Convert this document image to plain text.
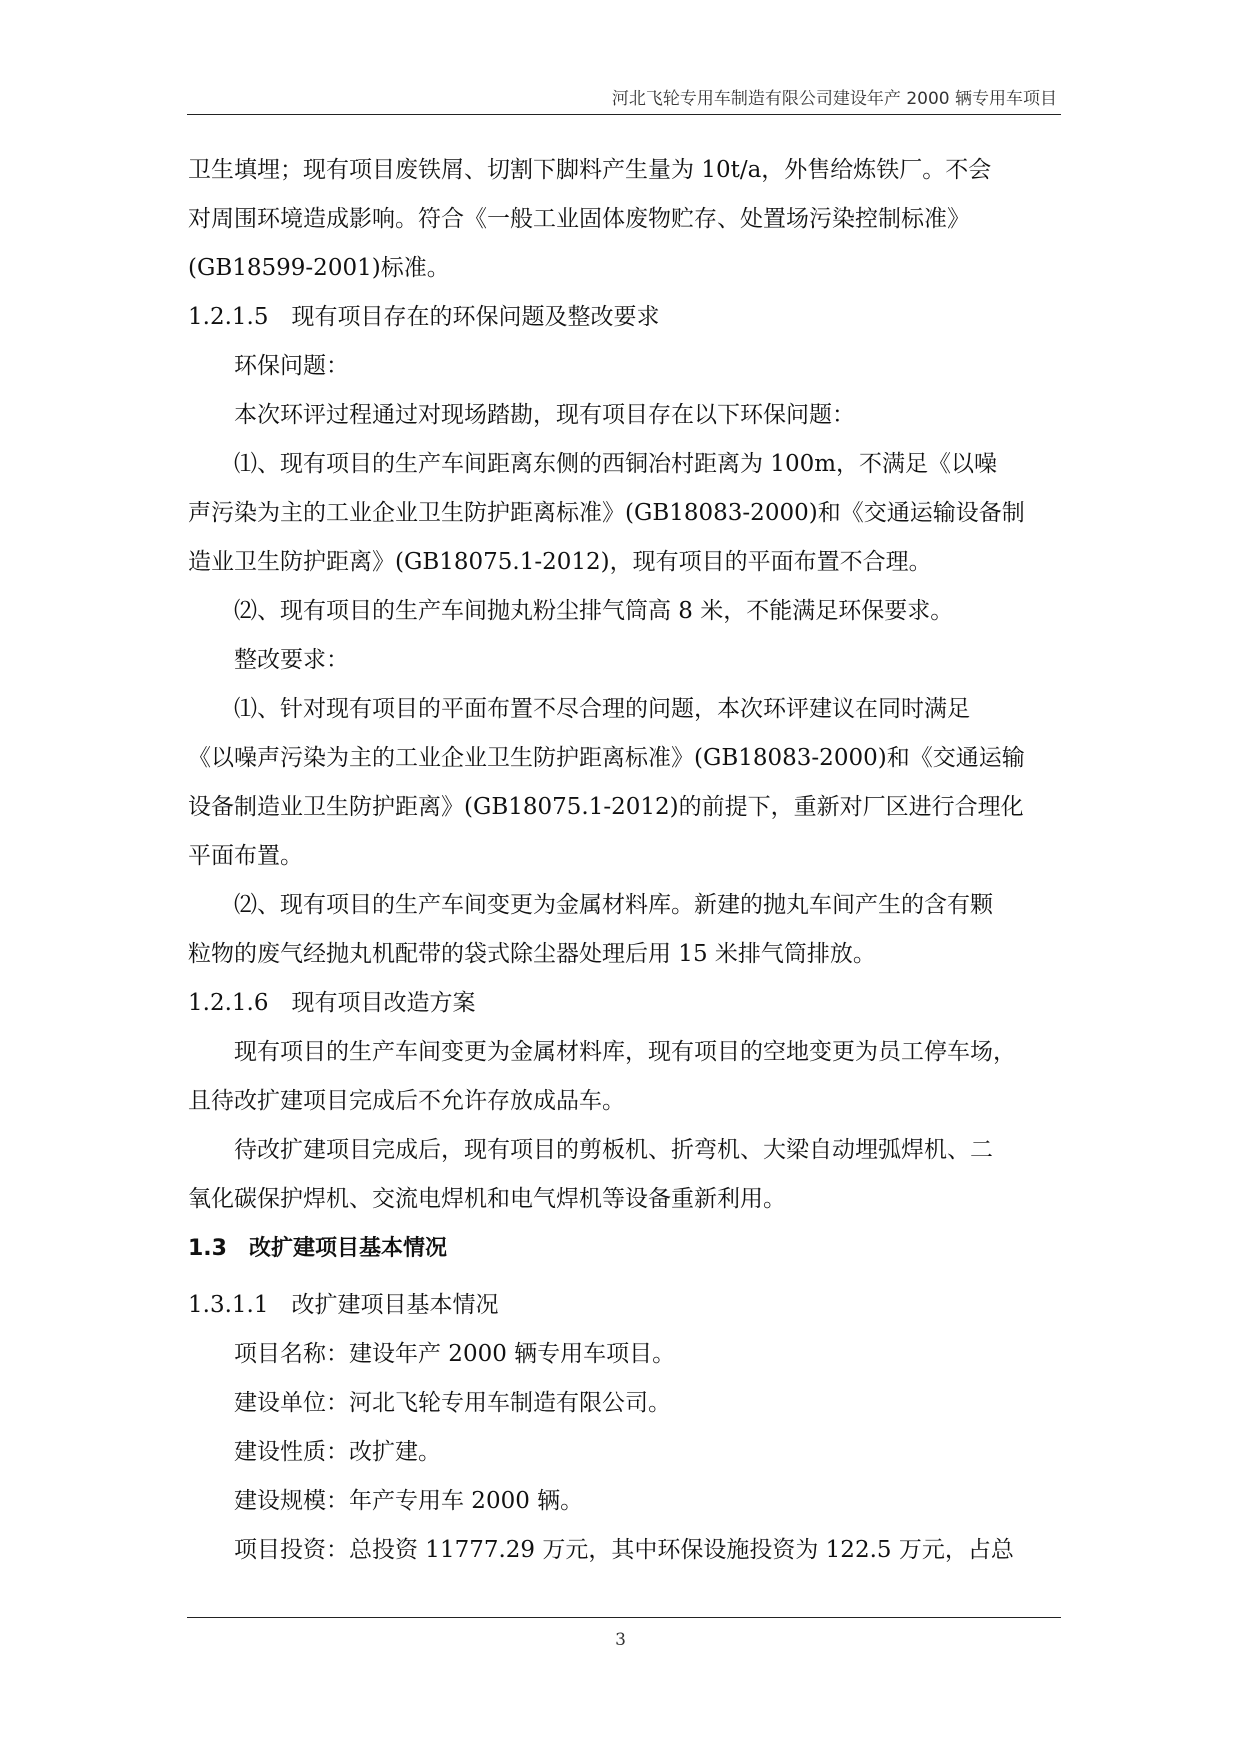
河北飞轮专用车制造有限公司建设年产 2000 辆专用车项目
卫生填埋；现有项目废铁屑、切割下脚料产生量为 10t/a，外售给炼铁厂。不会
对周围环境造成影响。符合《一般工业固体废物贮存、处置场污染控制标准》
(GB18599-2001)标准。
1.2.1.5　现有项目存在的环保问题及整改要求
环保问题：
本次环评过程通过对现场踏勘，现有项目存在以下环保问题：
⑴、现有项目的生产车间距离东侧的西铜冶村距离为 100m，不满足《以噪
声污染为主的工业企业卫生防护距离标准》(GB18083-2000)和《交通运输设备制
造业卫生防护距离》(GB18075.1-2012)，现有项目的平面布置不合理。
⑵、现有项目的生产车间抛丸粉尘排气筒高 8 米，不能满足环保要求。
整改要求：
⑴、针对现有项目的平面布置不尽合理的问题，本次环评建议在同时满足
《以噪声污染为主的工业企业卫生防护距离标准》(GB18083-2000)和《交通运输
设备制造业卫生防护距离》(GB18075.1-2012)的前提下，重新对厂区进行合理化
平面布置。
⑵、现有项目的生产车间变更为金属材料库。新建的抛丸车间产生的含有颗
粒物的废气经抛丸机配带的袋式除尘器处理后用 15 米排气筒排放。
1.2.1.6　现有项目改造方案
现有项目的生产车间变更为金属材料库，现有项目的空地变更为员工停车场，
且待改扩建项目完成后不允许存放成品车。
待改扩建项目完成后，现有项目的剪板机、折弯机、大梁自动埋弧焊机、二
氧化碳保护焊机、交流电焊机和电气焊机等设备重新利用。
1.3　改扩建项目基本情况
1.3.1.1　改扩建项目基本情况
项目名称：建设年产 2000 辆专用车项目。
建设单位：河北飞轮专用车制造有限公司。
建设性质：改扩建。
建设规模：年产专用车 2000 辆。
项目投资：总投资 11777.29 万元，其中环保设施投资为 122.5 万元，占总
3
